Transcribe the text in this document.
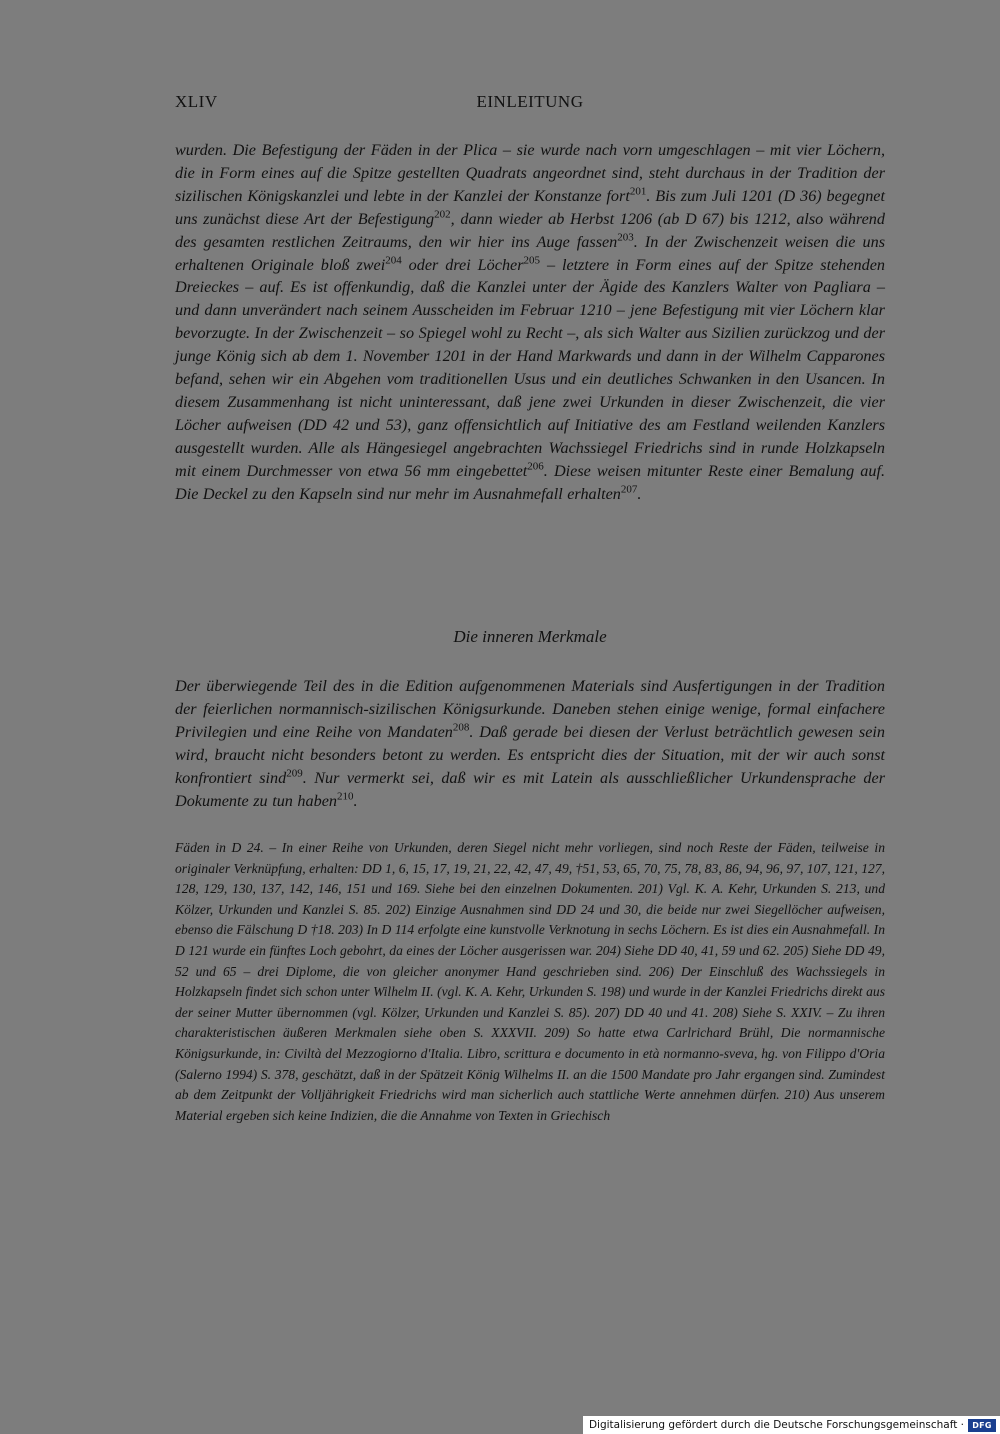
XLIV	EINLEITUNG
wurden. Die Befestigung der Fäden in der Plica – sie wurde nach vorn umgeschlagen – mit vier Löchern, die in Form eines auf die Spitze gestellten Quadrats angeordnet sind, steht durchaus in der Tradition der sizilischen Königskanzlei und lebte in der Kanzlei der Konstanze fort$^{201}$. Bis zum Juli 1201 (D 36) begegnet uns zunächst diese Art der Befestigung$^{202}$, dann wieder ab Herbst 1206 (ab D 67) bis 1212, also während des gesamten restlichen Zeitraums, den wir hier ins Auge fassen$^{203}$. In der Zwischenzeit weisen die uns erhaltenen Originale bloß zwei$^{204}$ oder drei Löcher$^{205}$ – letztere in Form eines auf der Spitze stehenden Dreieckes – auf. Es ist offenkundig, daß die Kanzlei unter der Ägide des Kanzlers Walter von Pagliara – und dann unverändert nach seinem Ausscheiden im Februar 1210 – jene Befestigung mit vier Löchern klar bevorzugte. In der Zwischenzeit – so Spiegel wohl zu Recht –, als sich Walter aus Sizilien zurückzog und der junge König sich ab dem 1. November 1201 in der Hand Markwards und dann in der Wilhelm Capparones befand, sehen wir ein Abgehen vom traditionellen Usus und ein deutliches Schwanken in den Usancen. In diesem Zusammenhang ist nicht uninteressant, daß jene zwei Urkunden in dieser Zwischenzeit, die vier Löcher aufweisen (DD 42 und 53), ganz offensichtlich auf Initiative des am Festland weilenden Kanzlers ausgestellt wurden. Alle als Hängesiegel angebrachten Wachssiegel Friedrichs sind in runde Holzkapseln mit einem Durchmesser von etwa 56 mm eingebettet$^{206}$. Diese weisen mitunter Reste einer Bemalung auf. Die Deckel zu den Kapseln sind nur mehr im Ausnahmefall erhalten$^{207}$.
Die inneren Merkmale
Der überwiegende Teil des in die Edition aufgenommenen Materials sind Ausfertigungen in der Tradition der feierlichen normannisch-sizilischen Königsurkunde. Daneben stehen einige wenige, formal einfachere Privilegien und eine Reihe von Mandaten$^{208}$. Daß gerade bei diesen der Verlust beträchtlich gewesen sein wird, braucht nicht besonders betont zu werden. Es entspricht dies der Situation, mit der wir auch sonst konfrontiert sind$^{209}$. Nur vermerkt sei, daß wir es mit Latein als ausschließlicher Urkundensprache der Dokumente zu tun haben$^{210}$.
Fäden in D 24. – In einer Reihe von Urkunden, deren Siegel nicht mehr vorliegen, sind noch Reste der Fäden, teilweise in originaler Verknüpfung, erhalten: DD 1, 6, 15, 17, 19, 21, 22, 42, 47, 49, †51, 53, 65, 70, 75, 78, 83, 86, 94, 96, 97, 107, 121, 127, 128, 129, 130, 137, 142, 146, 151 und 169. Siehe bei den einzelnen Dokumenten. 201) Vgl. K. A. Kehr, Urkunden S. 213, und Kölzer, Urkunden und Kanzlei S. 85. 202) Einzige Ausnahmen sind DD 24 und 30, die beide nur zwei Siegellöcher aufweisen, ebenso die Fälschung D †18. 203) In D 114 erfolgte eine kunstvolle Verknotung in sechs Löchern. Es ist dies ein Ausnahmefall. In D 121 wurde ein fünftes Loch gebohrt, da eines der Löcher ausgerissen war. 204) Siehe DD 40, 41, 59 und 62. 205) Siehe DD 49, 52 und 65 – drei Diplome, die von gleicher anonymer Hand geschrieben sind. 206) Der Einschluß des Wachssiegels in Holzkapseln findet sich schon unter Wilhelm II. (vgl. K. A. Kehr, Urkunden S. 198) und wurde in der Kanzlei Friedrichs direkt aus der seiner Mutter übernommen (vgl. Kölzer, Urkunden und Kanzlei S. 85). 207) DD 40 und 41. 208) Siehe S. XXIV. – Zu ihren charakteristischen äußeren Merkmalen siehe oben S. XXXVII. 209) So hatte etwa Carlrichard Brühl, Die normannische Königsurkunde, in: Civiltà del Mezzogiorno d'Italia. Libro, scrittura e documento in età normanno-sveva, hg. von Filippo d'Oria (Salerno 1994) S. 378, geschätzt, daß in der Spätzeit König Wilhelms II. an die 1500 Mandate pro Jahr ergangen sind. Zumindest ab dem Zeitpunkt der Volljährigkeit Friedrichs wird man sicherlich auch stattliche Werte annehmen dürfen. 210) Aus unserem Material ergeben sich keine Indizien, die die Annahme von Texten in Griechisch
Digitalisierung gefördert durch die Deutsche Forschungsgemeinschaft ·	DFG
